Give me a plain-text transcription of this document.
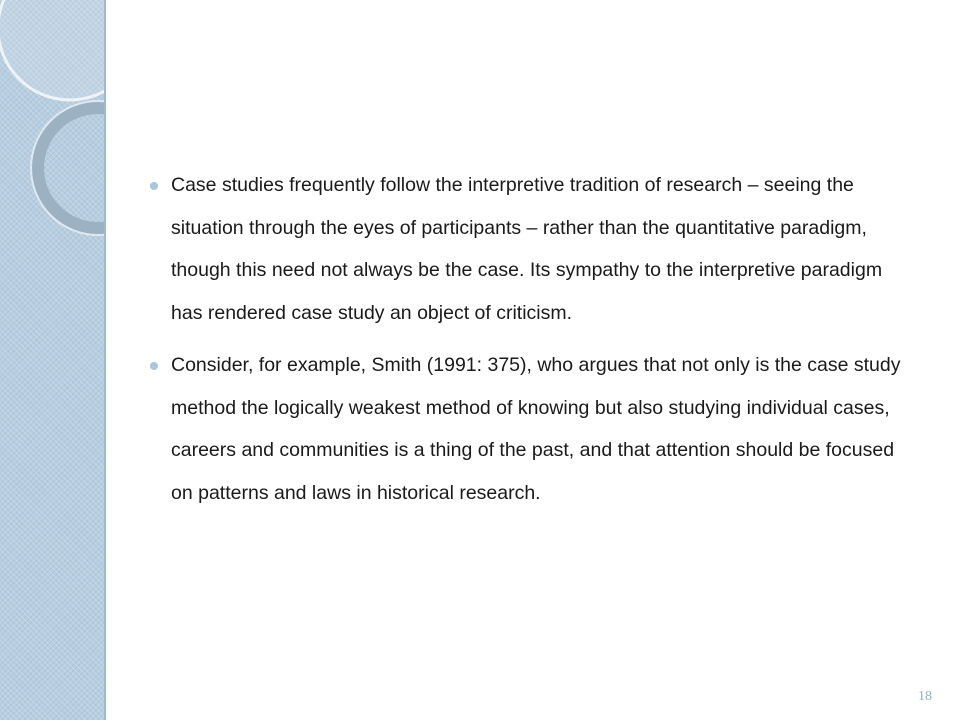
Case studies frequently follow the interpretive tradition of research – seeing the situation through the eyes of participants – rather than the quantitative paradigm, though this need not always be the case. Its sympathy to the interpretive paradigm has rendered case study an object of criticism.
Consider, for example, Smith (1991: 375), who argues that not only is the case study method the logically weakest method of knowing but also studying individual cases, careers and communities is a thing of the past, and that attention should be focused on patterns and laws in historical research.
18
